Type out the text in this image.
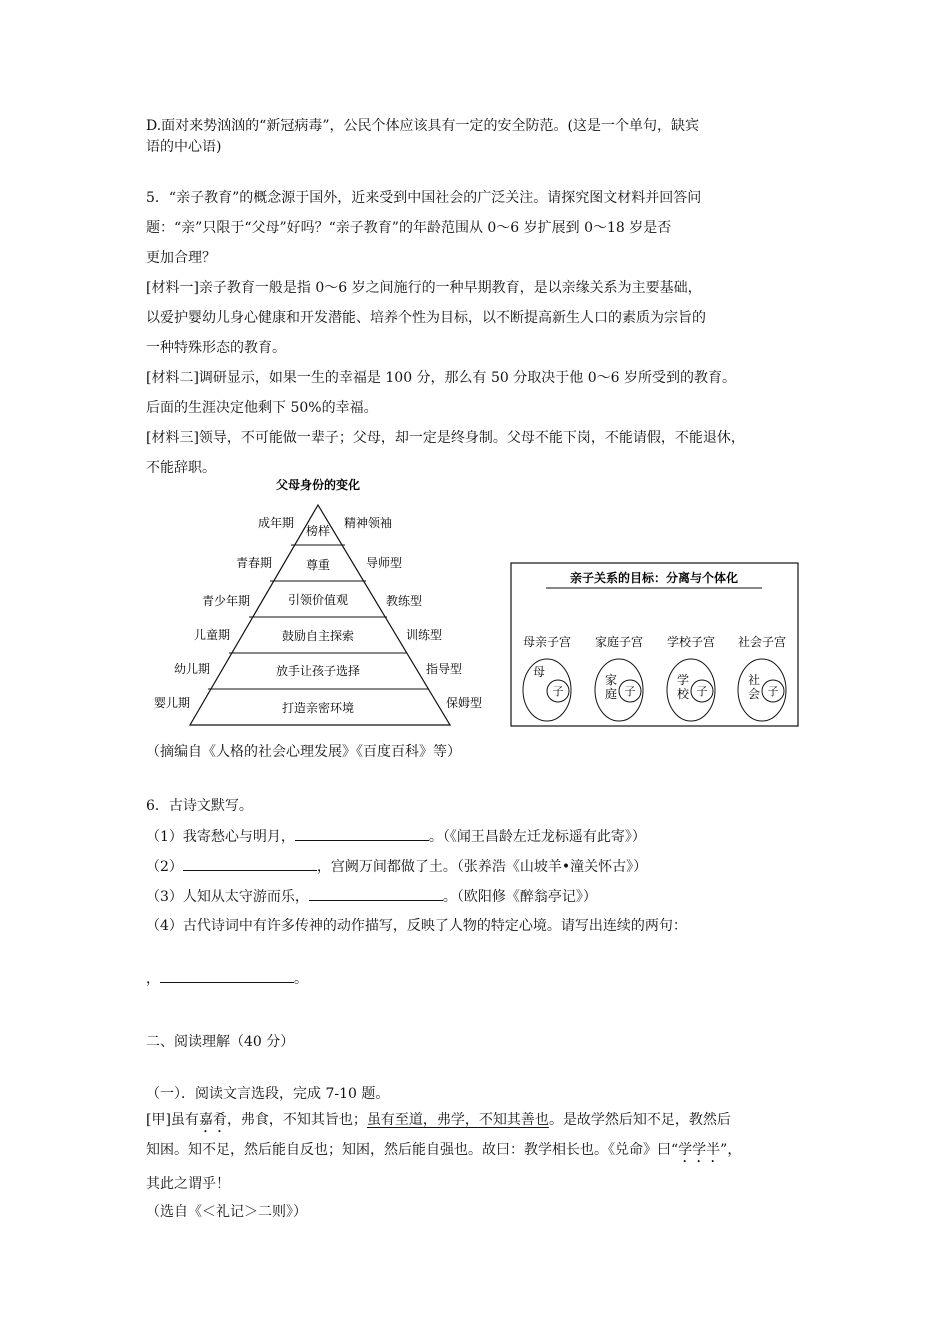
D.面对来势汹汹的“新冠病毒”，公民个体应该具有一定的安全防范。(这是一个单句，缺宾
语的中心语)
5．“亲子教育”的概念源于国外，近来受到中国社会的广泛关注。请探究图文材料并回答问
题：“亲”只限于“父母”好吗？“亲子教育”的年龄范围从 0～6 岁扩展到 0～18 岁是否
更加合理？
[材料一]亲子教育一般是指 0～6 岁之间施行的一种早期教育，是以亲缘关系为主要基础，
以爱护婴幼儿身心健康和开发潜能、培养个性为目标，以不断提高新生人口的素质为宗旨的
一种特殊形态的教育。
[材料二]调研显示，如果一生的幸福是 100 分，那么有 50 分取决于他 0～6 岁所受到的教育。
后面的生涯决定他剩下 50%的幸福。
[材料三]领导，不可能做一辈子；父母，却一定是终身制。父母不能下岗，不能请假，不能退休，
不能辞职。
父母身份的变化
榜样
尊重
引领价值观
鼓励自主探索
放手让孩子选择
打造亲密环境
成年期
青春期
青少年期
儿童期
幼儿期
婴儿期
精神领袖
导师型
教练型
训练型
指导型
保姆型
亲子关系的目标：分离与个体化
母亲子宫 家庭子宫 学校子宫 社会子宫
母
子
家庭 子
学校 子
社会 子
（摘编自《人格的社会心理发展》《百度百科》等）
6．古诗文默写。
（1）我寄愁心与明月，	。（《闻王昌龄左迁龙标遥有此寄》）
（2）	，宫阙万间都做了土。（张养浩《山坡羊•潼关怀古》）
（3）人知从太守游而乐，	。（欧阳修《醉翁亭记》）
（4）古代诗词中有许多传神的动作描写，反映了人物的特定心境。请写出连续的两句：
，	。
二、阅读理解（40 分）
（一）．阅读文言选段，完成 7-10 题。
[甲]虽有嘉肴，弗食，不知其旨也；虽有至道，弗学，不知其善也。是故学然后知不足，教然后
知困。知不足，然后能自反也；知困，然后能自强也。故曰：教学相长也。《兑命》曰“学学半”，
其此之谓乎！
（选自《＜礼记＞二则》）
